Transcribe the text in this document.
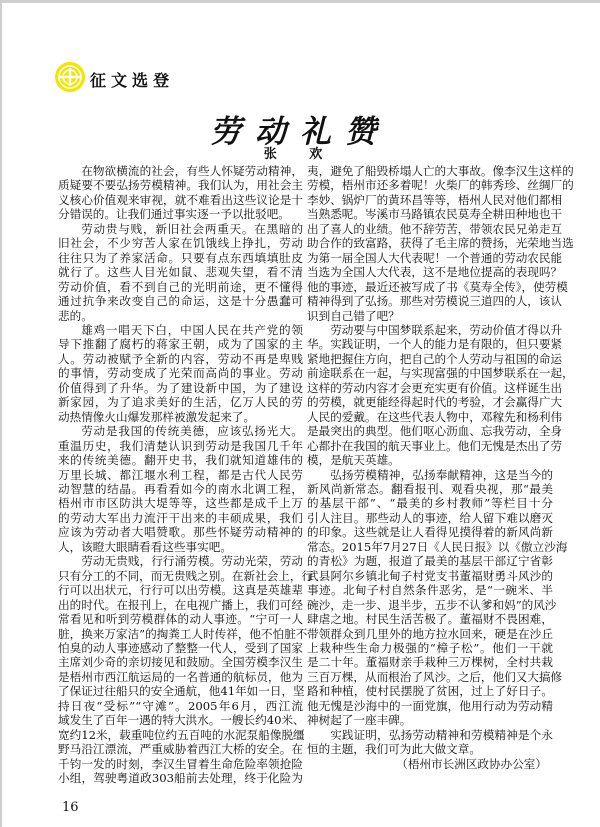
征文选登
劳动礼赞
张 欢
在物欲横流的社会，有些人怀疑劳动精神，
质疑要不要弘扬劳模精神。我们认为，用社会主
义核心价值观来审视，就不难看出这些议论是十
分错误的。让我们通过事实逐一予以批驳吧。
劳动贵与贱，新旧社会两重天。在黑暗的
旧社会，不少穷苦人家在饥饿线上挣扎，劳动
往往只为了养家活命。只要有点东西填填肚皮
就行了。这些人目光如鼠、悲观失望，看不清
劳动价值，看不到自己的光明前途，更不懂得
通过抗争来改变自己的命运，这是十分愚蠢可
悲的。
雄鸡一唱天下白，中国人民在共产党的领
导下推翻了腐朽的蒋家王朝，成为了国家的主
人。劳动被赋予全新的内容，劳动不再是卑贱
的事情，劳动变成了光荣而高尚的事业。劳动
价值得到了升华。为了建设新中国，为了建设
新家园，为了追求美好的生活，亿万人民的劳
动热情像火山爆发那样被激发起来了。
劳动是我国的传统美德，应该弘扬光大。
重温历史，我们清楚认识到劳动是我国几千年
来的传统美德。翻开史书，我们就知道雄伟的
万里长城、都江堰水利工程，都是古代人民劳
动智慧的结晶。再看看如今的南水北调工程，
梧州市市区防洪大堤等等，这些都是成千上万
的劳动大军出力流汗干出来的丰硕成果，我们
应该为劳动者大唱赞歌。那些怀疑劳动精神的
人，该瞪大眼睛看看这些事实吧。
劳动无贵贱，行行涌劳模。劳动光荣，劳动
只有分工的不同，而无贵贱之别。在新社会上，行
行可以出状元，行行可以出劳模。这真是英雄辈
出的时代。在报刊上，在电视广播上，我们可经
常看见和听到劳模群体的动人事迹。“宁可一人
脏，换来万家洁”的掏粪工人时传祥，他不怕脏不
怕臭的动人事迹感动了整整一代人，受到了国家
主席刘少奇的亲切接见和鼓励。全国劳模李汉生
是梧州市西江航运局的一名普通的航标员，他为
了保证过往船只的安全通航，他41年如一日，坚
持日夜“受标”“守滩”。2005年6月，西江流
域发生了百年一遇的特大洪水。一艘长约40米、
宽约12米，载重吨位约五百吨的水泥泵船像脱缰
野马沿江漂流，严重威胁着西江大桥的安全。在
千钧一发的时刻，李汉生冒着生命危险率领抢险
小组，驾驶粤道政303船前去处理，终于化险为
夷，避免了船毁桥塌人亡的大事故。像李汉生这样的
劳模，梧州市还多着呢！火柴厂的韩秀珍、丝绸厂的
李妙、锅炉厂的黄环昌等等，梧州人民对他们都相
当熟悉呢。岑溪市马路镇农民莫寿全耕田种地也干
出了喜人的业绩。他不辞劳苦，带领农民兄弟走互
助合作的致富路，获得了毛主席的赞扬，光荣地当选
为第一届全国人大代表呢！一个普通的劳动农民能
当选为全国人大代表，这不是地位提高的表现吗？
他的事迹，最近还被写成了书《莫寿全传》，使劳模
精神得到了弘扬。那些对劳模说三道四的人，该认
识到自己错了吧？
劳动要与中国梦联系起来，劳动价值才得以升
华。实践证明，一个人的能力是有限的，但只要紧
紧地把握住方向，把自己的个人劳动与祖国的命运
前途联系在一起，与实现富强的中国梦联系在一起，
这样的劳动内容才会更充实更有价值。这样诞生出
的劳模，就更能经得起时代的考验，才会赢得广大
人民的爱戴。在这些代表人物中，邓稼先和杨利伟
是最突出的典型。他们呕心沥血、忘我劳动，全身
心都扑在我国的航天事业上。他们无愧是杰出了劳
模，是航天英雄。
弘扬劳模精神，弘扬奉献精神，这是当今的
新风尚新常态。翻看报刊、观看央视，那“最美
的基层干部”、“最美的乡村教师”等栏目十分
引人注目。那些动人的事迹，给人留下难以磨灭
的印象。这些就是让人看得见摸得着的新风尚新
常态。2015年7月27日《人民日报》以《傲立沙海
的青松》为题，报道了最美的基层干部辽宁省彰
武县阿尔乡镇北甸子村党支书董福财勇斗风沙的
事迹。北甸子村自然条件恶劣，是“一碗米、半
碗沙，走一步、退半步，五步不认爹和妈”的风沙
肆虐之地。村民生活苦极了。董福财不畏困难，
带领群众到几里外的地方拉水回来，硬是在沙丘
上栽种些生命力极强的“樟子松”。他们一干就
是二十年。董福财亲手栽种三万棵树，全村共栽
三百万棵，从而根治了风沙。之后，他们又大搞修
路和种植，使村民摆脱了贫困，过上了好日子。
他无愧是沙海中的一面党旗，他用行动为劳动精
神树起了一座丰碑。
实践证明，弘扬劳动精神和劳模精神是个永
恒的主题，我们可为此大做文章。
（梧州市长洲区政协办公室）
16
